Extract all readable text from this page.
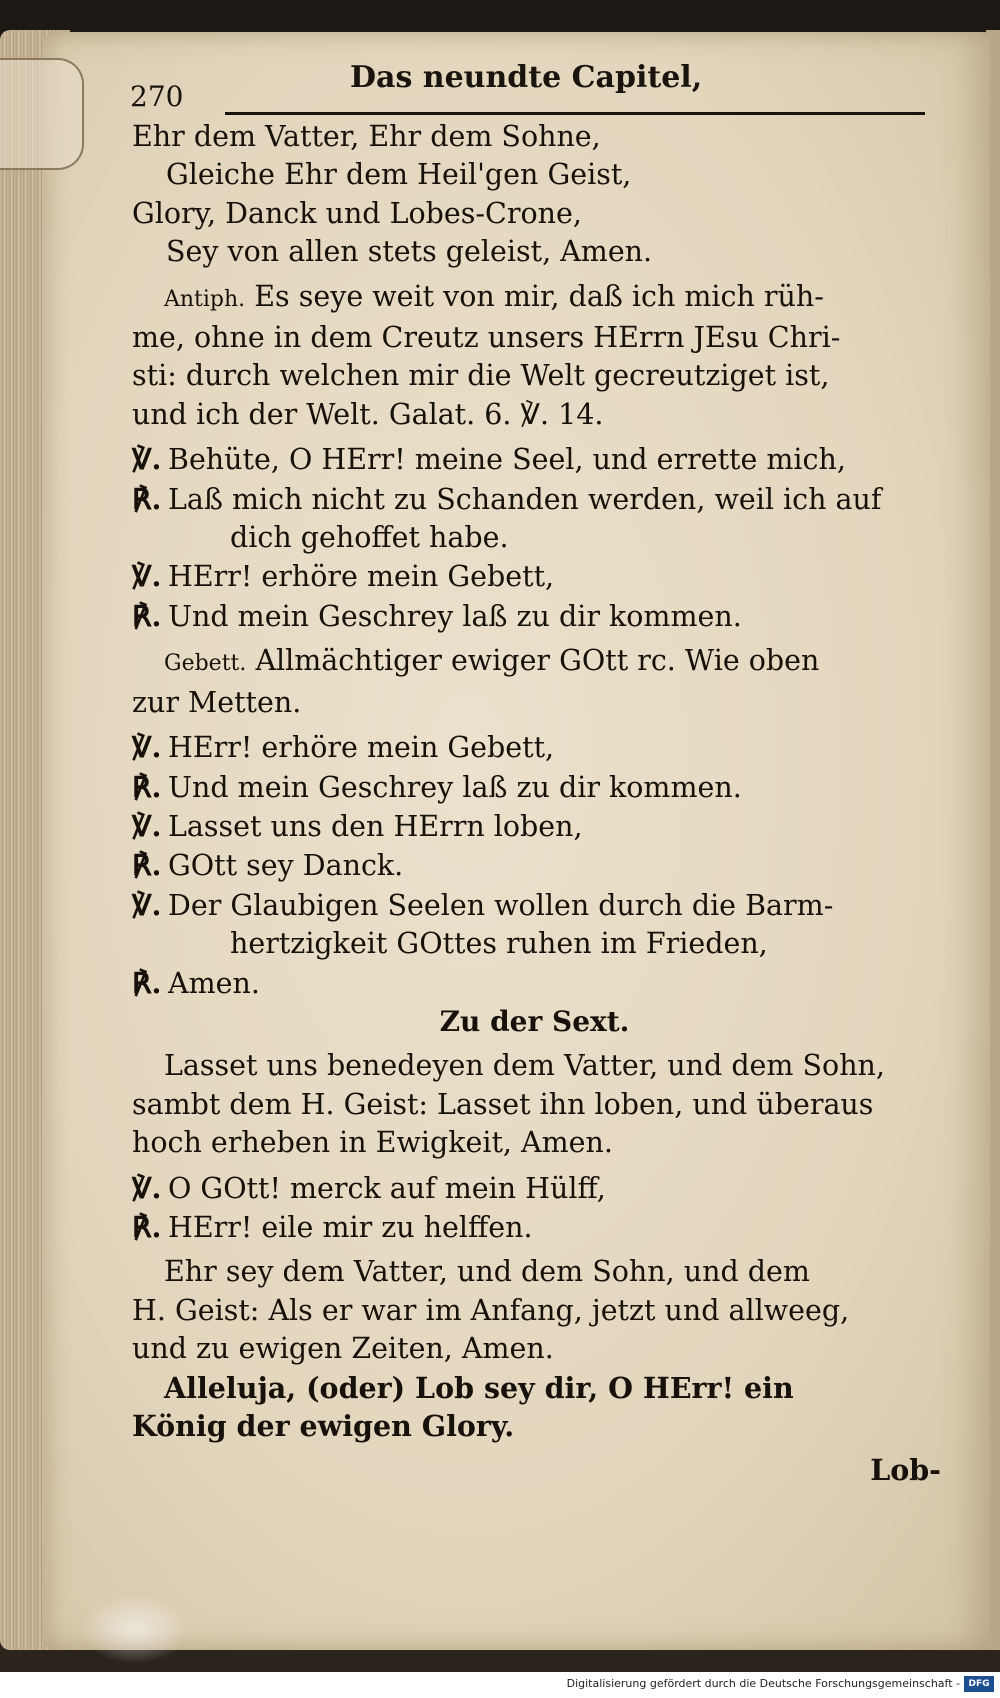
270
Das neundte Capitel,
Ehr dem Vatter, Ehr dem Sohne,
Gleiche Ehr dem Heil'gen Geist,
Glory, Danck und Lobes-Crone,
Sey von allen stets geleist, Amen.
Antiph. Es seye weit von mir, daß ich mich rüh-
me, ohne in dem Creutz unsers HErrn JEsu Chri-
sti: durch welchen mir die Welt gecreutziget ist,
und ich der Welt. Galat. 6. ℣. 14.
℣. Behüte, O HErr! meine Seel, und errette mich,
℟. Laß mich nicht zu Schanden werden, weil ich auf
dich gehoffet habe.
℣. HErr! erhöre mein Gebett,
℟. Und mein Geschrey laß zu dir kommen.
Gebett. Allmächtiger ewiger GOtt rc. Wie oben
zur Metten.
℣. HErr! erhöre mein Gebett,
℟. Und mein Geschrey laß zu dir kommen.
℣. Lasset uns den HErrn loben,
℟. GOtt sey Danck.
℣. Der Glaubigen Seelen wollen durch die Barm-
hertzigkeit GOttes ruhen im Frieden,
℟. Amen.
Zu der Sext.
Lasset uns benedeyen dem Vatter, und dem Sohn,
sambt dem H. Geist: Lasset ihn loben, und überaus
hoch erheben in Ewigkeit, Amen.
℣. O GOtt! merck auf mein Hülff,
℟. HErr! eile mir zu helffen.
Ehr sey dem Vatter, und dem Sohn, und dem
H. Geist: Als er war im Anfang, jetzt und allweeg,
und zu ewigen Zeiten, Amen.
Alleluja, (oder) Lob sey dir, O HErr! ein
König der ewigen Glory.
Lob-
Digitalisierung gefördert durch die Deutsche Forschungsgemeinschaft - DFG
